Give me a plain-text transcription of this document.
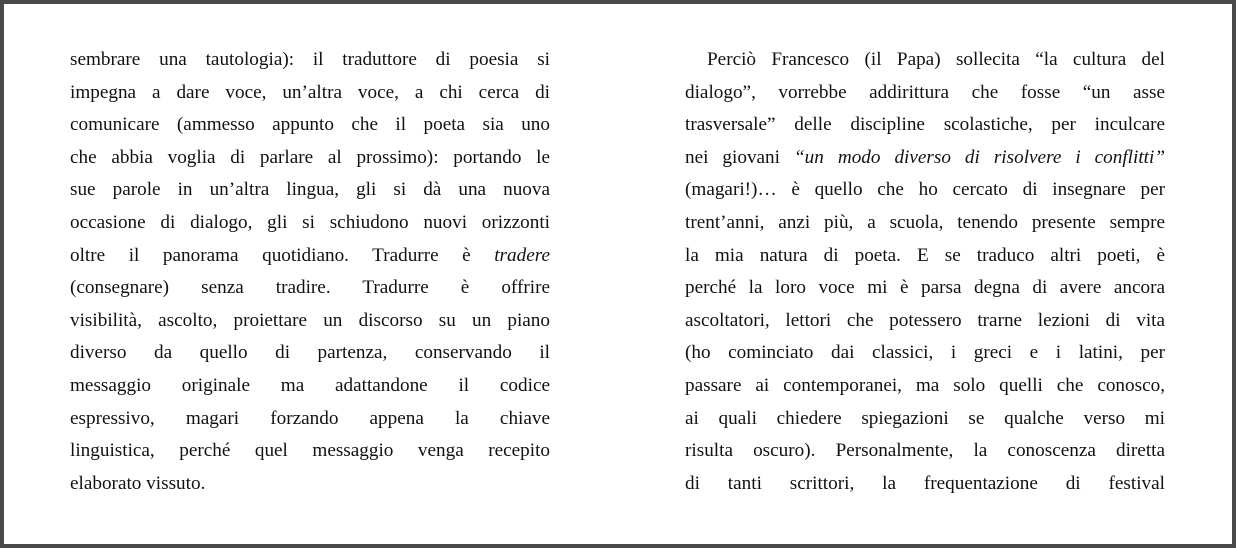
sembrare una tautologia): il traduttore di poesia si
impegna a dare voce, un’altra voce, a chi cerca di
comunicare (ammesso appunto che il poeta sia uno
che abbia voglia di parlare al prossimo): portando le
sue parole in un’altra lingua, gli si dà una nuova
occasione di dialogo, gli si schiudono nuovi orizzonti
oltre il panorama quotidiano. Tradurre è tradere
(consegnare) senza tradire. Tradurre è offrire
visibilità, ascolto, proiettare un discorso su un piano
diverso da quello di partenza, conservando il
messaggio originale ma adattandone il codice
espressivo, magari forzando appena la chiave
linguistica, perché quel messaggio venga recepito
elaborato vissuto.

Perciò Francesco (il Papa) sollecita “la cultura del
dialogo”, vorrebbe addirittura che fosse “un asse
trasversale” delle discipline scolastiche, per inculcare
nei giovani “un modo diverso di risolvere i conflitti”
(magari!)… è quello che ho cercato di insegnare per
trent’anni, anzi più, a scuola, tenendo presente sempre
la mia natura di poeta. E se traduco altri poeti, è
perché la loro voce mi è parsa degna di avere ancora
ascoltatori, lettori che potessero trarne lezioni di vita
(ho cominciato dai classici, i greci e i latini, per
passare ai contemporanei, ma solo quelli che conosco,
ai quali chiedere spiegazioni se qualche verso mi
risulta oscuro). Personalmente, la conoscenza diretta
di tanti scrittori, la frequentazione di festival
